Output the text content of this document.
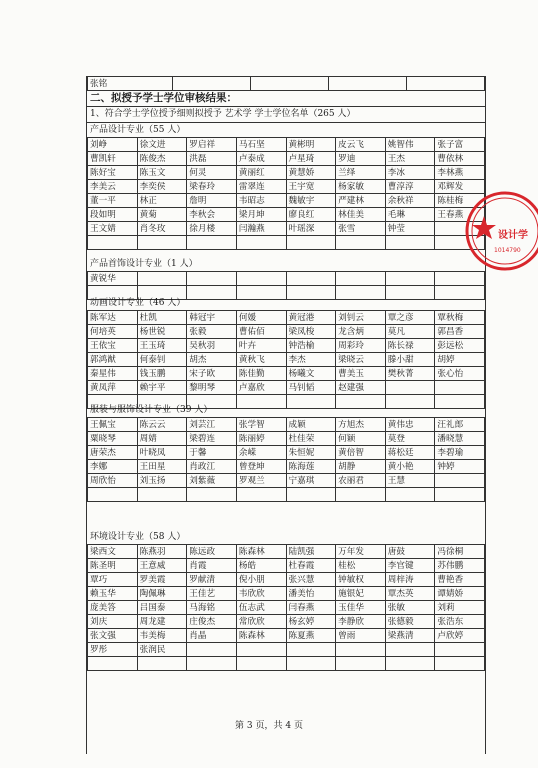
张铭				
二、拟授予学士学位审核结果：
1、符合学士学位授予细则拟授予 艺术学 学士学位名单（265 人）
产品设计专业（55 人）
刘峥	徐文进	罗启祥	马石坚	黄彬明	皮云飞	姚智伟	张子富
曹凯轩	陈俊杰	洪磊	卢泰成	卢星琦	罗迪	王杰	曹依林
陈好宝	陈玉文	何灵	黄丽红	黄慧娇	兰绎	李冰	李林燕
李美云	李奕侯	梁春玲	雷翠连	王宇宽	杨家敏	曹淳淳	邓辉发
董一平	林正	詹明	韦昭志	魏敏宇	严建林	余秋祥	陈桂梅
段如明	黄菊	李秋会	梁月坤	廖良红	林佳美	毛琳	王春燕
王文婧	肖冬玫	徐月楼	闫瀚燕	叶瑶深	张雪	钟莹	

产品首饰设计专业（1 人）
黄锐华							

动画设计专业（46 人）
陈军达	杜凯	韩冠宇	何媛	黄冠港	刘钊云	覃之彦	覃秋梅
何培英	杨世锐	张毅	曹佑佰	梁凤梭	龙含炳	莫凡	郭昌香
王依宝	王玉琦	吴秋羽	叶卉	钟浩榆	周彩玲	陈长禄	彭远松
郭鸿猷	何泰钊	胡杰	黄秋飞	李杰	梁晓云	滕小甜	胡婷
秦星伟	钱玉鹏	宋子欧	陈佳勤	杨曦文	曹美玉	樊秋菁	张心怡
黄凤萍	赖宇平	黎明琴	卢嘉欣	马钊韬	赵建强		

服装与服饰设计专业（39 人）
王佩宝	陈云云	刘芸江	张学智	成颖	方旭杰	黄伟忠	汪礼郎
粟晓琴	周婧	梁碧连	陈丽婷	杜佳荣	何颖	莫登	潘晓慧
唐荣杰	叶晓凤	于馨	余嵘	朱恒妮	黄倍智	蒋松廷	李碧瑜
李娜	王田星	肖政江	曾登坤	陈海莲	胡静	黄小艳	钟婷
周欣怡	刘玉扬	刘紫薇	罗观兰	宁嘉琪	农丽君	王慧	

环境设计专业（58 人）
梁西文	陈燕羽	陈远政	陈森林	陆凯强	万年发	唐鼓	冯徐桐
陈圣明	王意威	肖霞	杨皓	杜春霞	桂松	李官键	苏伟鹏
覃巧	罗美霞	罗献清	倪小朋	张兴慧	钟敏权	周梓涛	曹艳香
赖玉华	陶佩琳	王佳艺	韦欣欣	潘美怡	施银妃	覃杰英	谭婧娇
庞美答	吕国泰	马海铭	伍志武	闫春燕	玉佳华	张敏	刘莉
刘庆	周龙建	庄俊杰	常欣欣	杨玄婷	李静欣	张德毅	张浩东
张文强	韦美梅	肖晶	陈森林	陈夏燕	曾雨	梁燕清	卢欣婷
罗彤	张润民						

设计学
1014790
第 3 页，共 4 页
